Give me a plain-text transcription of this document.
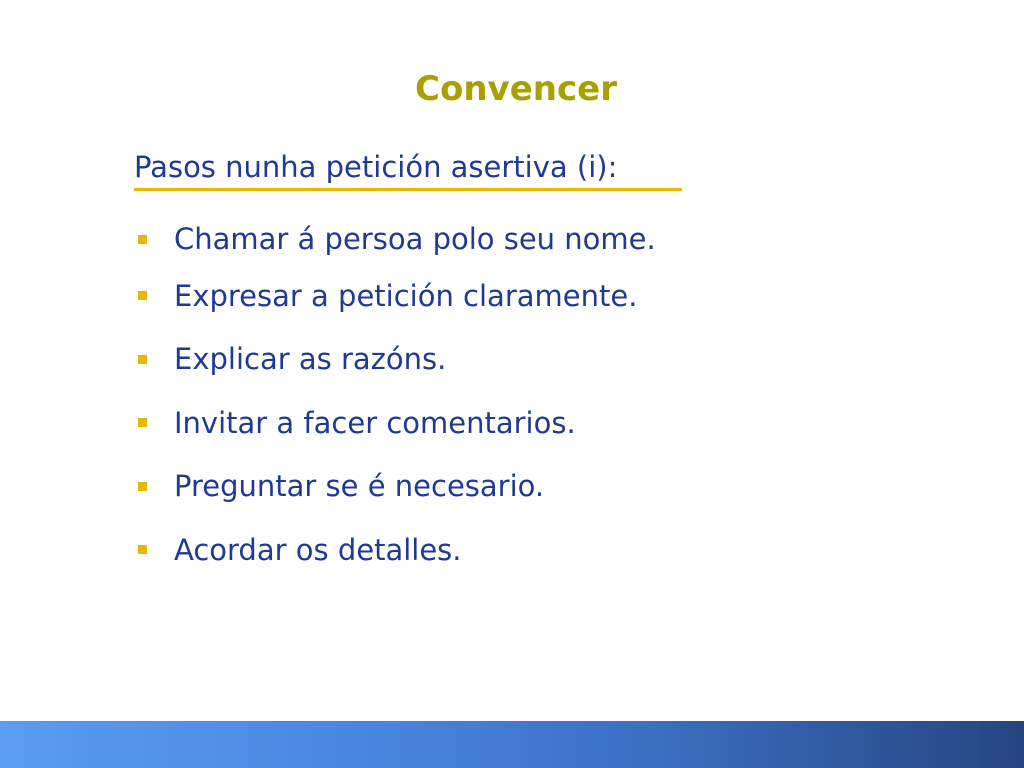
Convencer
Pasos nunha petición asertiva (i):
Chamar á persoa polo seu nome.
Expresar a petición claramente.
Explicar as razóns.
Invitar a facer comentarios.
Preguntar se é necesario.
Acordar os detalles.
